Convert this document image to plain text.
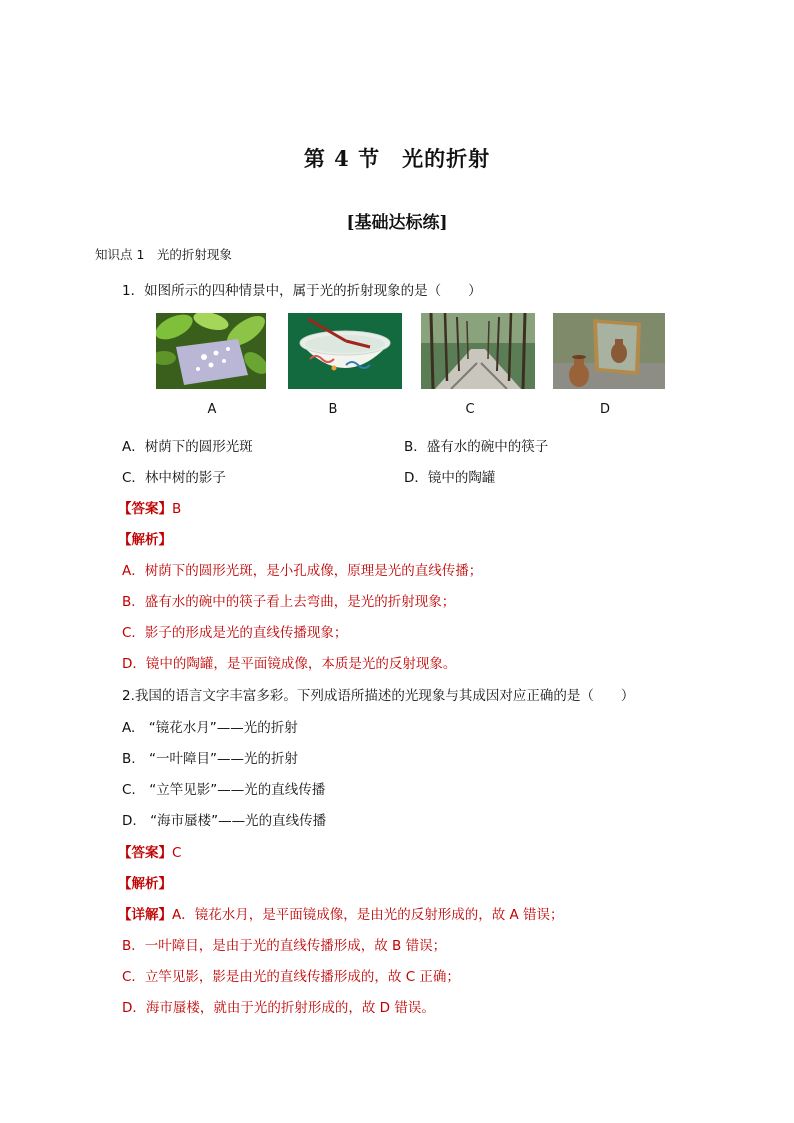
第 4 节　光的折射
[基础达标练]
知识点 1　光的折射现象
1．如图所示的四种情景中，属于光的折射现象的是（　　）
A	B	C	D
A．树荫下的圆形光斑	B．盛有水的碗中的筷子
C．林中树的影子	D．镜中的陶罐
【答案】B
【解析】
A．树荫下的圆形光斑，是小孔成像，原理是光的直线传播；
B．盛有水的碗中的筷子看上去弯曲，是光的折射现象；
C．影子的形成是光的直线传播现象；
D．镜中的陶罐，是平面镜成像，本质是光的反射现象。
2.我国的语言文字丰富多彩。下列成语所描述的光现象与其成因对应正确的是（　　）
A.　“镜花水月”——光的折射
B.　“一叶障目”——光的折射
C.　“立竿见影”——光的直线传播
D.　“海市蜃楼”——光的直线传播
【答案】C
【解析】
【详解】A．镜花水月，是平面镜成像，是由光的反射形成的，故 A 错误；
B．一叶障目，是由于光的直线传播形成，故 B 错误；
C．立竿见影，影是由光的直线传播形成的，故 C 正确；
D．海市蜃楼，就由于光的折射形成的，故 D 错误。
